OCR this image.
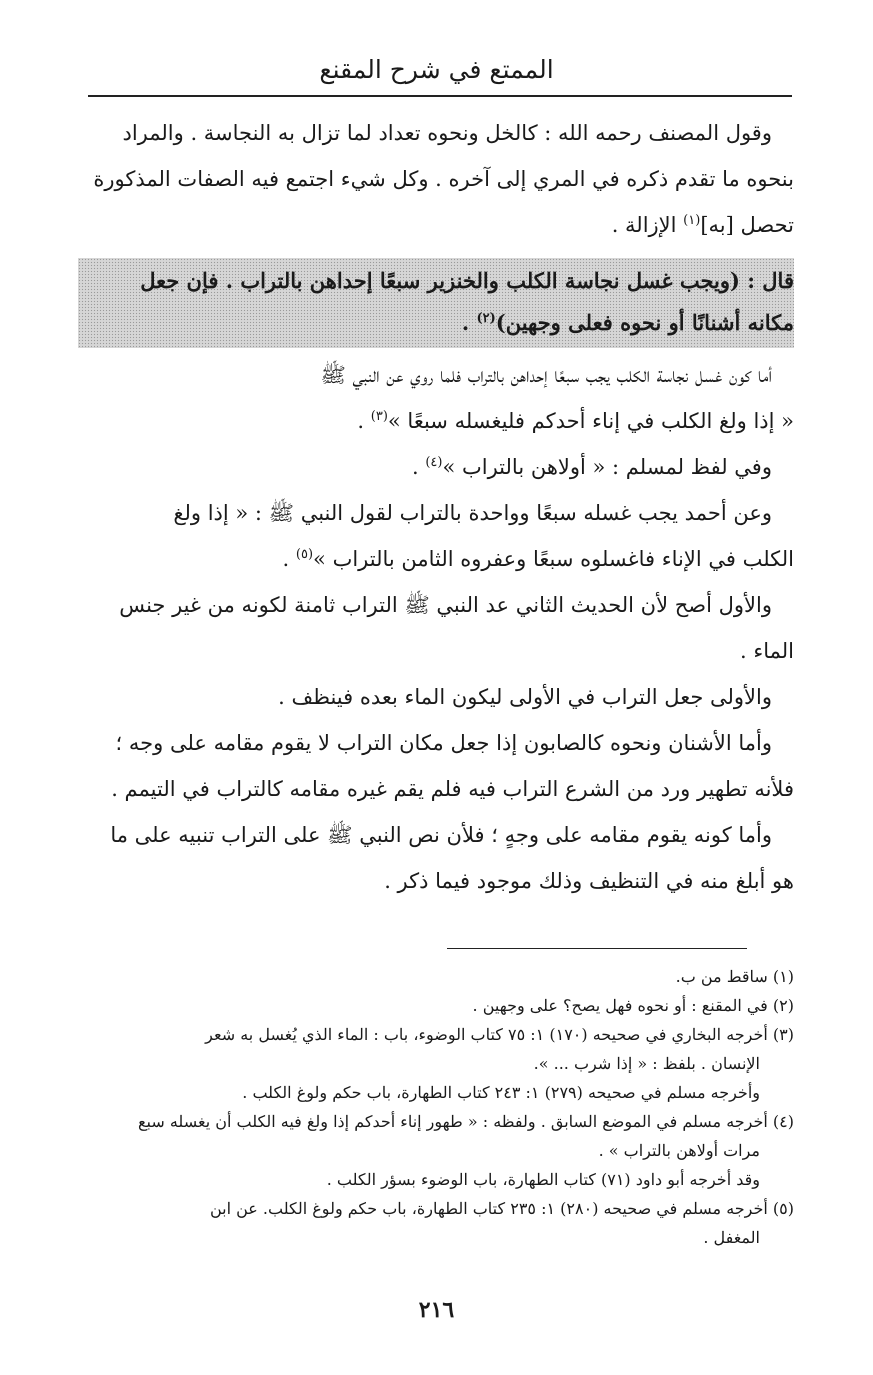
الممتع في شرح المقنع
وقول المصنف رحمه الله : كالخل ونحوه تعداد لما تزال به النجاسة . والمراد
بنحوه ما تقدم ذكره في المري إلى آخره . وكل شيء اجتمع فيه الصفات المذكورة
تحصل [به]$^{(١)}$ الإزالة .
قال : (ويجب غسل نجاسة الكلب والخنزير سبعًا إحداهن بالتراب . فإن جعل
مكانه أشنانًا أو نحوه فعلى وجهين)$^{(٢)}$ .
أما كون غسل نجاسة الكلب يجب سبعًا إحداهن بالتراب فلما روي عن النبي ﷺ
« إذا ولغ الكلب في إناء أحدكم فليغسله سبعًا »$^{(٣)}$ .
وفي لفظ لمسلم : « أولاهن بالتراب »$^{(٤)}$ .
وعن أحمد يجب غسله سبعًا وواحدة بالتراب لقول النبي ﷺ : « إذا ولغ
الكلب في الإناء فاغسلوه سبعًا وعفروه الثامن بالتراب »$^{(٥)}$ .
والأول أصح لأن الحديث الثاني عد النبي ﷺ التراب ثامنة لكونه من غير جنس
الماء .
والأولى جعل التراب في الأولى ليكون الماء بعده فينظف .
وأما الأشنان ونحوه كالصابون إذا جعل مكان التراب لا يقوم مقامه على وجه ؛
فلأنه تطهير ورد من الشرع التراب فيه فلم يقم غيره مقامه كالتراب في التيمم .
وأما كونه يقوم مقامه على وجهٍ ؛ فلأن نص النبي ﷺ على التراب تنبيه على ما
هو أبلغ منه في التنظيف وذلك موجود فيما ذكر .
(١) ساقط من ب.
(٢) في المقنع : أو نحوه فهل يصح؟ على وجهين .
(٣) أخرجه البخاري في صحيحه (١٧٠) ١: ٧٥ كتاب الوضوء، باب : الماء الذي يُغسل به شعر
الإنسان . بلفظ : « إذا شرب ... ».
وأخرجه مسلم في صحيحه (٢٧٩) ١: ٢٤٣ كتاب الطهارة، باب حكم ولوغ الكلب .
(٤) أخرجه مسلم في الموضع السابق . ولفظه : « طهور إناء أحدكم إذا ولغ فيه الكلب أن يغسله سبع
مرات أولاهن بالتراب » .
وقد أخرجه أبو داود (٧١) كتاب الطهارة، باب الوضوء بسؤر الكلب .
(٥) أخرجه مسلم في صحيحه (٢٨٠) ١: ٢٣٥ كتاب الطهارة، باب حكم ولوغ الكلب. عن ابن
المغفل .
٢١٦
